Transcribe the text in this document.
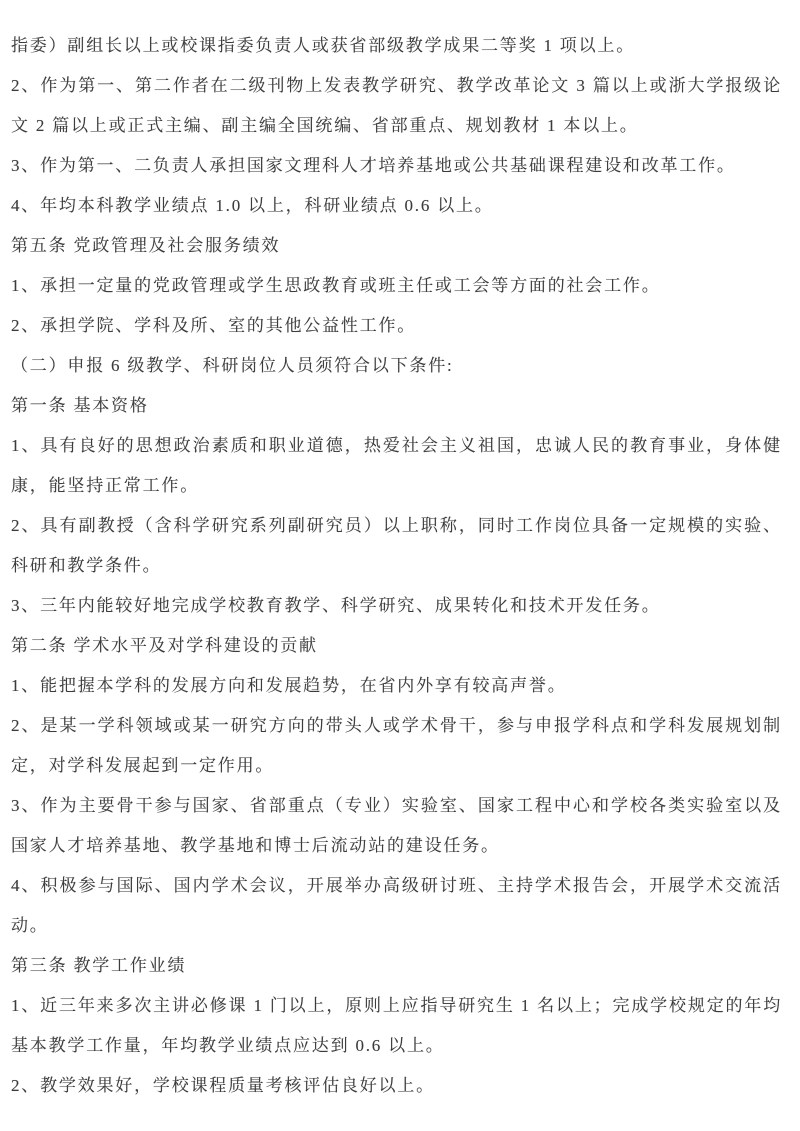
指委）副组长以上或校课指委负责人或获省部级教学成果二等奖 1 项以上。
2、作为第一、第二作者在二级刊物上发表教学研究、教学改革论文 3 篇以上或浙大学报级论
文 2 篇以上或正式主编、副主编全国统编、省部重点、规划教材 1 本以上。
3、作为第一、二负责人承担国家文理科人才培养基地或公共基础课程建设和改革工作。
4、年均本科教学业绩点 1.0 以上，科研业绩点 0.6 以上。
第五条 党政管理及社会服务绩效
1、承担一定量的党政管理或学生思政教育或班主任或工会等方面的社会工作。
2、承担学院、学科及所、室的其他公益性工作。
（二）申报 6 级教学、科研岗位人员须符合以下条件:
第一条 基本资格
1、具有良好的思想政治素质和职业道德，热爱社会主义祖国，忠诚人民的教育事业，身体健
康，能坚持正常工作。
2、具有副教授（含科学研究系列副研究员）以上职称，同时工作岗位具备一定规模的实验、
科研和教学条件。
3、三年内能较好地完成学校教育教学、科学研究、成果转化和技术开发任务。
第二条 学术水平及对学科建设的贡献
1、能把握本学科的发展方向和发展趋势，在省内外享有较高声誉。
2、是某一学科领域或某一研究方向的带头人或学术骨干，参与申报学科点和学科发展规划制
定，对学科发展起到一定作用。
3、作为主要骨干参与国家、省部重点（专业）实验室、国家工程中心和学校各类实验室以及
国家人才培养基地、教学基地和博士后流动站的建设任务。
4、积极参与国际、国内学术会议，开展举办高级研讨班、主持学术报告会，开展学术交流活
动。
第三条 教学工作业绩
1、近三年来多次主讲必修课 1 门以上，原则上应指导研究生 1 名以上；完成学校规定的年均
基本教学工作量，年均教学业绩点应达到 0.6 以上。
2、教学效果好，学校课程质量考核评估良好以上。
